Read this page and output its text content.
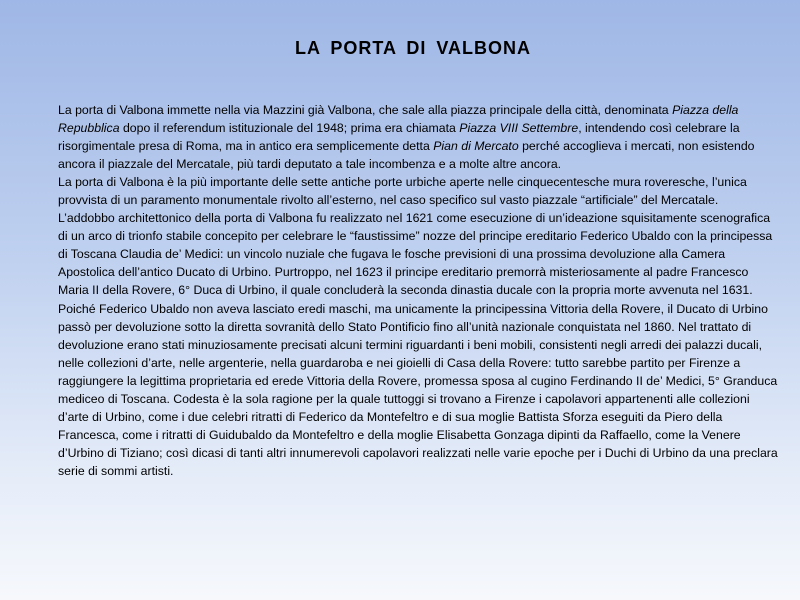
LA PORTA DI VALBONA

La porta di Valbona immette nella via Mazzini già Valbona, che sale alla piazza principale della città, denominata Piazza della Repubblica dopo il referendum istituzionale del 1948; prima era chiamata Piazza VIII Settembre, intendendo così celebrare la risorgimentale presa di Roma, ma in antico era semplicemente detta Pian di Mercato perché accoglieva i mercati, non esistendo ancora il piazzale del Mercatale, più tardi deputato a tale incombenza e a molte altre ancora.

La porta di Valbona è la più importante delle sette antiche porte urbiche aperte nelle cinquecentesche mura roveresche, l’unica provvista di un paramento monumentale rivolto all’esterno, nel caso specifico sul vasto piazzale “artificiale” del Mercatale. L’addobbo architettonico della porta di Valbona fu realizzato nel 1621 come esecuzione di un’ideazione squisitamente scenografica di un arco di trionfo stabile concepito per celebrare le “faustissime” nozze del principe ereditario Federico Ubaldo con la principessa di Toscana Claudia de’ Medici: un vincolo nuziale che fugava le fosche previsioni di una prossima devoluzione alla Camera Apostolica dell’antico Ducato di Urbino. Purtroppo, nel 1623 il principe ereditario premorrà misteriosamente al padre Francesco Maria II della Rovere, 6° Duca di Urbino, il quale concluderà la seconda dinastia ducale con la propria morte avvenuta nel 1631. Poiché Federico Ubaldo non aveva lasciato eredi maschi, ma unicamente la principessina Vittoria della Rovere, il Ducato di Urbino passò per devoluzione sotto la diretta sovranità dello Stato Pontificio fino all’unità nazionale conquistata nel 1860. Nel trattato di devoluzione erano stati minuziosamente precisati alcuni termini riguardanti i beni mobili, consistenti negli arredi dei palazzi ducali, nelle collezioni d’arte, nelle argenterie, nella guardaroba e nei gioielli di Casa della Rovere: tutto sarebbe partito per Firenze a raggiungere la legittima proprietaria ed erede Vittoria della Rovere, promessa sposa al cugino Ferdinando II de’ Medici, 5° Granduca mediceo di Toscana. Codesta è la sola ragione per la quale tuttoggi si trovano a Firenze i capolavori appartenenti alle collezioni d’arte di Urbino, come i due celebri ritratti di Federico da Montefeltro e di sua moglie Battista Sforza eseguiti da Piero della Francesca, come i ritratti di Guidubaldo da Montefeltro e della moglie Elisabetta Gonzaga dipinti da Raffaello, come la Venere d’Urbino di Tiziano; così dicasi di tanti altri innumerevoli capolavori realizzati nelle varie epoche per i Duchi di Urbino da una preclara serie di sommi artisti.
